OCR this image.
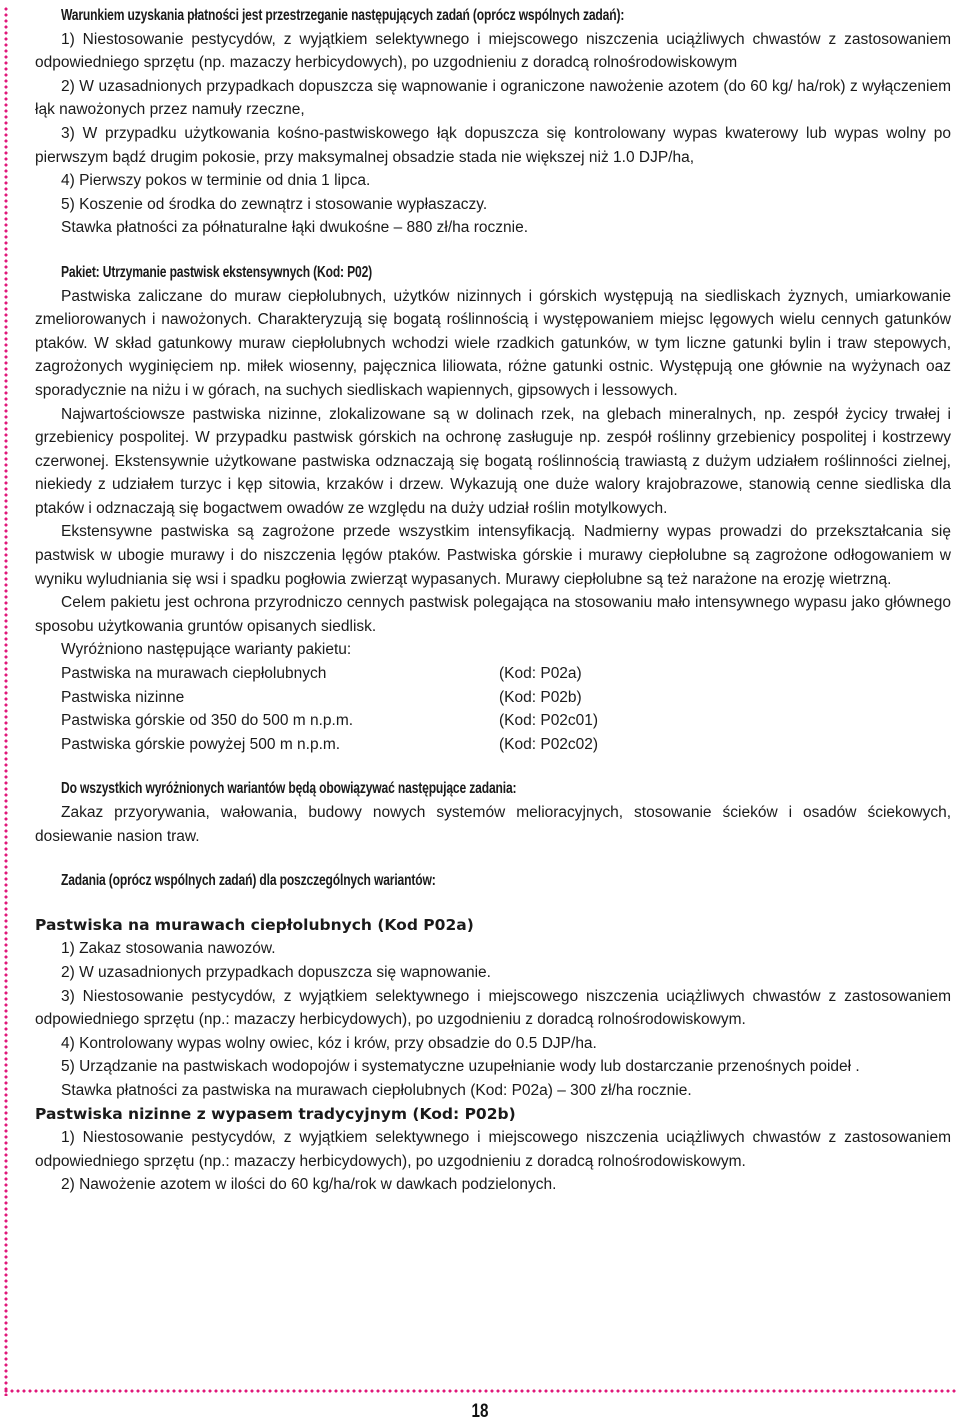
Warunkiem uzyskania płatności jest przestrzeganie następujących zadań (oprócz wspólnych zadań):

1) Niestosowanie pestycydów, z wyjątkiem selektywnego i miejscowego niszczenia uciążliwych chwastów z zastosowaniem odpowiedniego sprzętu (np. mazaczy herbicydowych), po uzgodnieniu z doradcą rolnośrodowiskowym

2) W uzasadnionych przypadkach dopuszcza się wapnowanie i ograniczone nawożenie azotem (do 60 kg/ ha/rok) z wyłączeniem łąk nawożonych przez namuły rzeczne,

3) W przypadku użytkowania kośno-pastwiskowego łąk dopuszcza się kontrolowany wypas kwaterowy lub wypas wolny po pierwszym bądź drugim pokosie, przy maksymalnej obsadzie stada nie większej niż 1.0 DJP/ha,

4) Pierwszy pokos w terminie od dnia 1 lipca.

5) Koszenie od środka do zewnątrz i stosowanie wypłaszaczy.

Stawka płatności za półnaturalne łąki dwukośne – 880 zł/ha rocznie.

Pakiet: Utrzymanie pastwisk ekstensywnych (Kod: P02)

Pastwiska zaliczane do muraw ciepłolubnych, użytków nizinnych i górskich występują na siedliskach żyznych, umiarkowanie zmeliorowanych i nawożonych. Charakteryzują się bogatą roślinnością i występowaniem miejsc lęgowych wielu cennych gatunków ptaków. W skład gatunkowy muraw ciepłolubnych wchodzi wiele rzadkich gatunków, w tym liczne gatunki bylin i traw stepowych, zagrożonych wyginięciem np. miłek wiosenny, pajęcznica liliowata, różne gatunki ostnic. Występują one głównie na wyżynach oaz sporadycznie na niżu i w górach, na suchych siedliskach wapiennych, gipsowych i lessowych.

Najwartościowsze pastwiska nizinne, zlokalizowane są w dolinach rzek, na glebach mineralnych, np. zespół życicy trwałej i grzebienicy pospolitej. W przypadku pastwisk górskich na ochronę zasługuje np. zespół roślinny grzebienicy pospolitej i kostrzewy czerwonej. Ekstensywnie użytkowane pastwiska odznaczają się bogatą roślinnością trawiastą z dużym udziałem roślinności zielnej, niekiedy z udziałem turzyc i kęp sitowia, krzaków i drzew. Wykazują one duże walory krajobrazowe, stanowią cenne siedliska dla ptaków i odznaczają się bogactwem owadów ze względu na duży udział roślin motylkowych.

Ekstensywne pastwiska są zagrożone przede wszystkim intensyfikacją. Nadmierny wypas prowadzi do przekształcania się pastwisk w ubogie murawy i do niszczenia lęgów ptaków. Pastwiska górskie i murawy ciepłolubne są zagrożone odłogowaniem w wyniku wyludniania się wsi i spadku pogłowia zwierząt wypasanych. Murawy ciepłolubne są też narażone na erozję wietrzną.

Celem pakietu jest ochrona przyrodniczo cennych pastwisk polegająca na stosowaniu mało intensywnego wypasu jako głównego sposobu użytkowania gruntów opisanych siedlisk.

Wyróżniono następujące warianty pakietu:

Pastwiska na murawach ciepłolubnych	(Kod: P02a)
Pastwiska nizinne	(Kod: P02b)
Pastwiska górskie od 350 do 500 m n.p.m.	(Kod: P02c01)
Pastwiska górskie powyżej 500 m n.p.m.	(Kod: P02c02)

Do wszystkich wyróżnionych wariantów będą obowiązywać następujące zadania:

Zakaz przyorywania, wałowania, budowy nowych systemów melioracyjnych, stosowanie ścieków i osadów ściekowych, dosiewanie nasion traw.

Zadania (oprócz wspólnych zadań) dla poszczególnych wariantów:

Pastwiska na murawach ciepłolubnych (Kod P02a)

1) Zakaz stosowania nawozów.

2) W uzasadnionych przypadkach dopuszcza się wapnowanie.

3) Niestosowanie pestycydów, z wyjątkiem selektywnego i miejscowego niszczenia uciążliwych chwastów z zastosowaniem odpowiedniego sprzętu (np.: mazaczy herbicydowych), po uzgodnieniu z doradcą rolnośrodowiskowym.

4) Kontrolowany wypas wolny owiec, kóz i krów, przy obsadzie do 0.5 DJP/ha.

5) Urządzanie na pastwiskach wodopojów i systematyczne uzupełnianie wody lub dostarczanie przenośnych poideł .

Stawka płatności za pastwiska na murawach ciepłolubnych (Kod: P02a) – 300 zł/ha rocznie.

Pastwiska nizinne z wypasem tradycyjnym (Kod: P02b)

1) Niestosowanie pestycydów, z wyjątkiem selektywnego i miejscowego niszczenia uciążliwych chwastów z zastosowaniem odpowiedniego sprzętu (np.: mazaczy herbicydowych), po uzgodnieniu z doradcą rolnośrodowiskowym.

2) Nawożenie azotem w ilości do 60 kg/ha/rok w dawkach podzielonych.

18
